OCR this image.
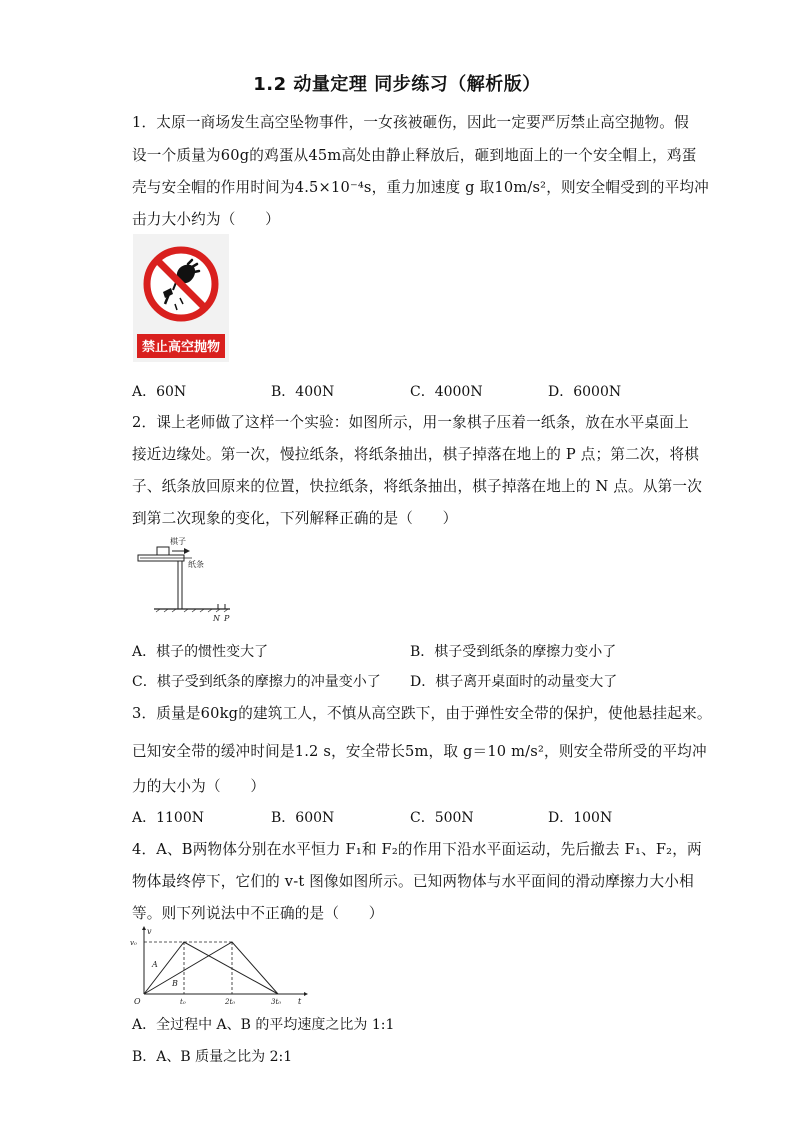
1.2 动量定理 同步练习（解析版）
1．太原一商场发生高空坠物事件，一女孩被砸伤，因此一定要严厉禁止高空抛物。假
设一个质量为60g的鸡蛋从45m高处由静止释放后，砸到地面上的一个安全帽上，鸡蛋
壳与安全帽的作用时间为4.5×10⁻⁴s，重力加速度 g 取10m/s²，则安全帽受到的平均冲
击力大小约为（　　）
禁止高空抛物
A．60N	B．400N	C．4000N	D．6000N
2．课上老师做了这样一个实验：如图所示，用一象棋子压着一纸条，放在水平桌面上
接近边缘处。第一次，慢拉纸条，将纸条抽出，棋子掉落在地上的 P 点；第二次，将棋
子、纸条放回原来的位置，快拉纸条，将纸条抽出，棋子掉落在地上的 N 点。从第一次
到第二次现象的变化，下列解释正确的是（　　）
棋子
纸条
N P
A．棋子的惯性变大了	B．棋子受到纸条的摩擦力变小了
C．棋子受到纸条的摩擦力的冲量变小了 D．棋子离开桌面时的动量变大了
3．质量是60kg的建筑工人，不慎从高空跌下，由于弹性安全带的保护，使他悬挂起来。
已知安全带的缓冲时间是1.2 s，安全带长5m，取 g＝10 m/s²，则安全带所受的平均冲
力的大小为（　　）
A．1100N	B．600N	C．500N	D．100N
4．A、B两物体分别在水平恒力 F₁和 F₂的作用下沿水平面运动，先后撤去 F₁、F₂，两
物体最终停下，它们的 v-t 图像如图所示。已知两物体与水平面间的滑动摩擦力大小相
等。则下列说法中不正确的是（　　）
v
t
O
v₀
A
B
t₀	2t₀	3t₀
A．全过程中 A、B 的平均速度之比为 1:1
B．A、B 质量之比为 2:1
